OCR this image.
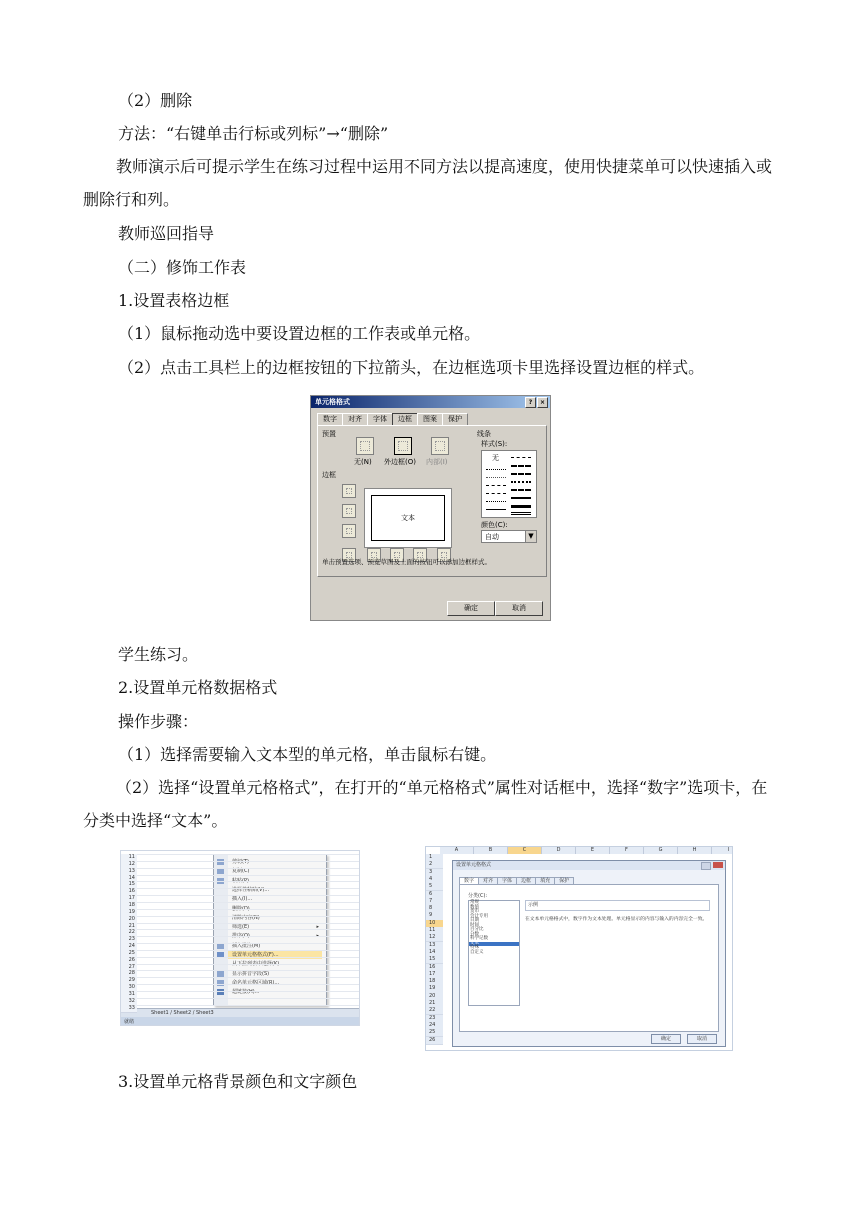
（2）删除
方法：“右键单击行标或列标”→“删除”
教师演示后可提示学生在练习过程中运用不同方法以提高速度，使用快捷菜单可以快速插入或删除行和列。
教师巡回指导
（二）修饰工作表
1.设置表格边框
（1）鼠标拖动选中要设置边框的工作表或单元格。
（2）点击工具栏上的边框按钮的下拉箭头，在边框选项卡里选择设置边框的样式。
单元格格式	?	×
数字	对齐	字体	边框	图案	保护
预置
无(N) 外边框(O) 内部(I)
边框
文本
线条
样式(S):
无
颜色(C):
自动	▼
单击预置选项、预览草图及上面的按钮可以添加边框样式。
确定	取消
学生练习。
2.设置单元格数据格式
操作步骤：
（1）选择需要输入文本型的单元格，单击鼠标右键。
（2）选择“设置单元格格式”，在打开的“单元格格式”属性对话框中，选择“数字”选项卡，在分类中选择“文本”。
剪切(T)
复制(C)
粘贴(P)
选择性粘贴(V)...
插入(I)...
删除(D)...
清除内容(N)
筛选(E)	▸
排序(O)	▸
插入批注(M)
设置单元格格式(F)...
从下拉列表中选择(K)...
显示拼音字段(S)
命名单元格区域(R)...
超链接(H)...
Sheet1 / Sheet2 / Sheet3
就绪
11
12
13
14
15
16
17
18
19
20
21
22
23
24
25
26
27
28
29
30
31
32
33
设置单元格格式
数字	对齐	字体	边框	填充	保护
分类(C):
常规
数值
货币
会计专用
日期
时间
百分比
分数
科学记数
文本
特殊
自定义
示例
在文本单元格格式中，数字作为文本处理。单元格显示的内容与输入的内容完全一致。
确定	取消
A	B	C	D	E	F	G	H	I
1
2
3
4
5
6
7
8
9
10
11
12
13
14
15
16
17
18
19
20
21
22
23
24
25
26
3.设置单元格背景颜色和文字颜色
